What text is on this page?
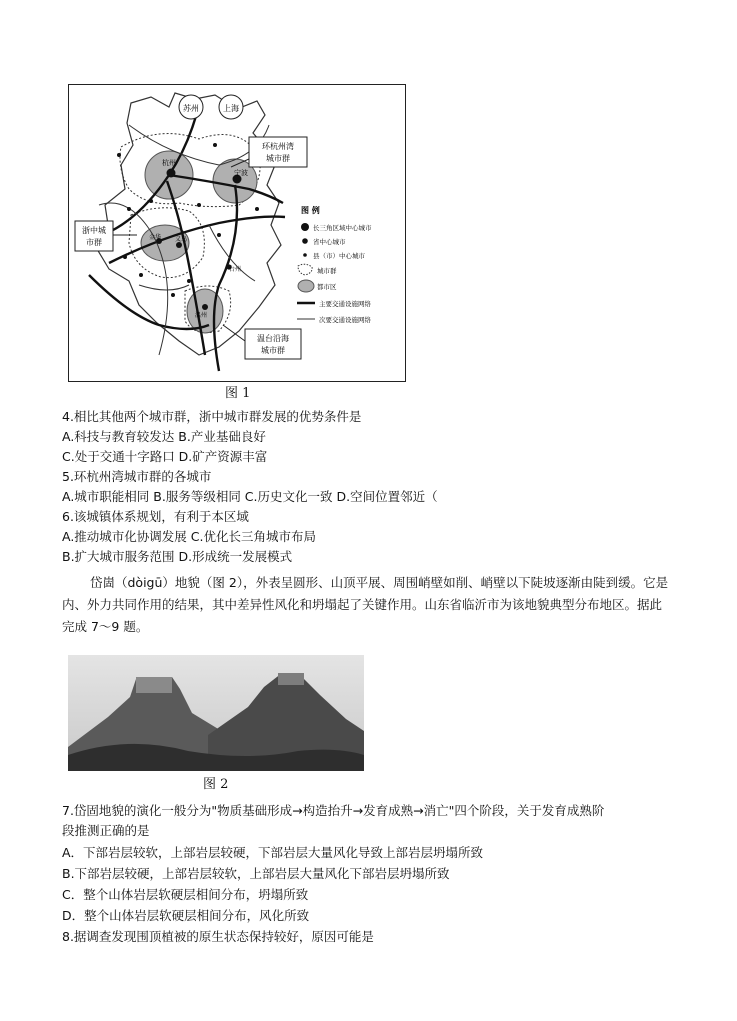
苏州	上海
杭州
宁波
金华 义乌
台州
温州
环杭州湾
城市群
浙中城
市群
温台沿海
城市群
图 例
长三角区域中心城市
省中心城市
县（市）中心城市
城市群
都市区
主要交通设施网络
次要交通设施网络
图 1
4.相比其他两个城市群，浙中城市群发展的优势条件是
A.科技与教育较发达 B.产业基础良好
C.处于交通十字路口 D.矿产资源丰富
5.环杭州湾城市群的各城市
A.城市职能相同 B.服务等级相同 C.历史文化一致 D.空间位置邻近（
6.该城镇体系规划，有利于本区域
A.推动城市化协调发展 C.优化长三角城市布局
B.扩大城市服务范围 D.形成统一发展模式
岱崮（dòigū）地貌（图 2），外表呈圆形、山顶平展、周围峭壁如削、峭壁以下陡坡逐渐由陡到缓。它是内、外力共同作用的结果，其中差异性风化和坍塌起了关键作用。山东省临沂市为该地貌典型分布地区。据此完成 7～9 题。
图 2
7.岱固地貌的演化一般分为"物质基础形成→构造抬升→发育成熟→消亡"四个阶段，关于发育成熟阶
段推测正确的是
A．下部岩层较软，上部岩层较硬，下部岩层大量风化导致上部岩层坍塌所致
B.下部岩层较硬，上部岩层较软，上部岩层大量风化下部岩层坍塌所致
C．整个山体岩层软硬层相间分布，坍塌所致
D．整个山体岩层软硬层相间分布，风化所致
8.据调查发现围顶植被的原生状态保持较好，原因可能是
